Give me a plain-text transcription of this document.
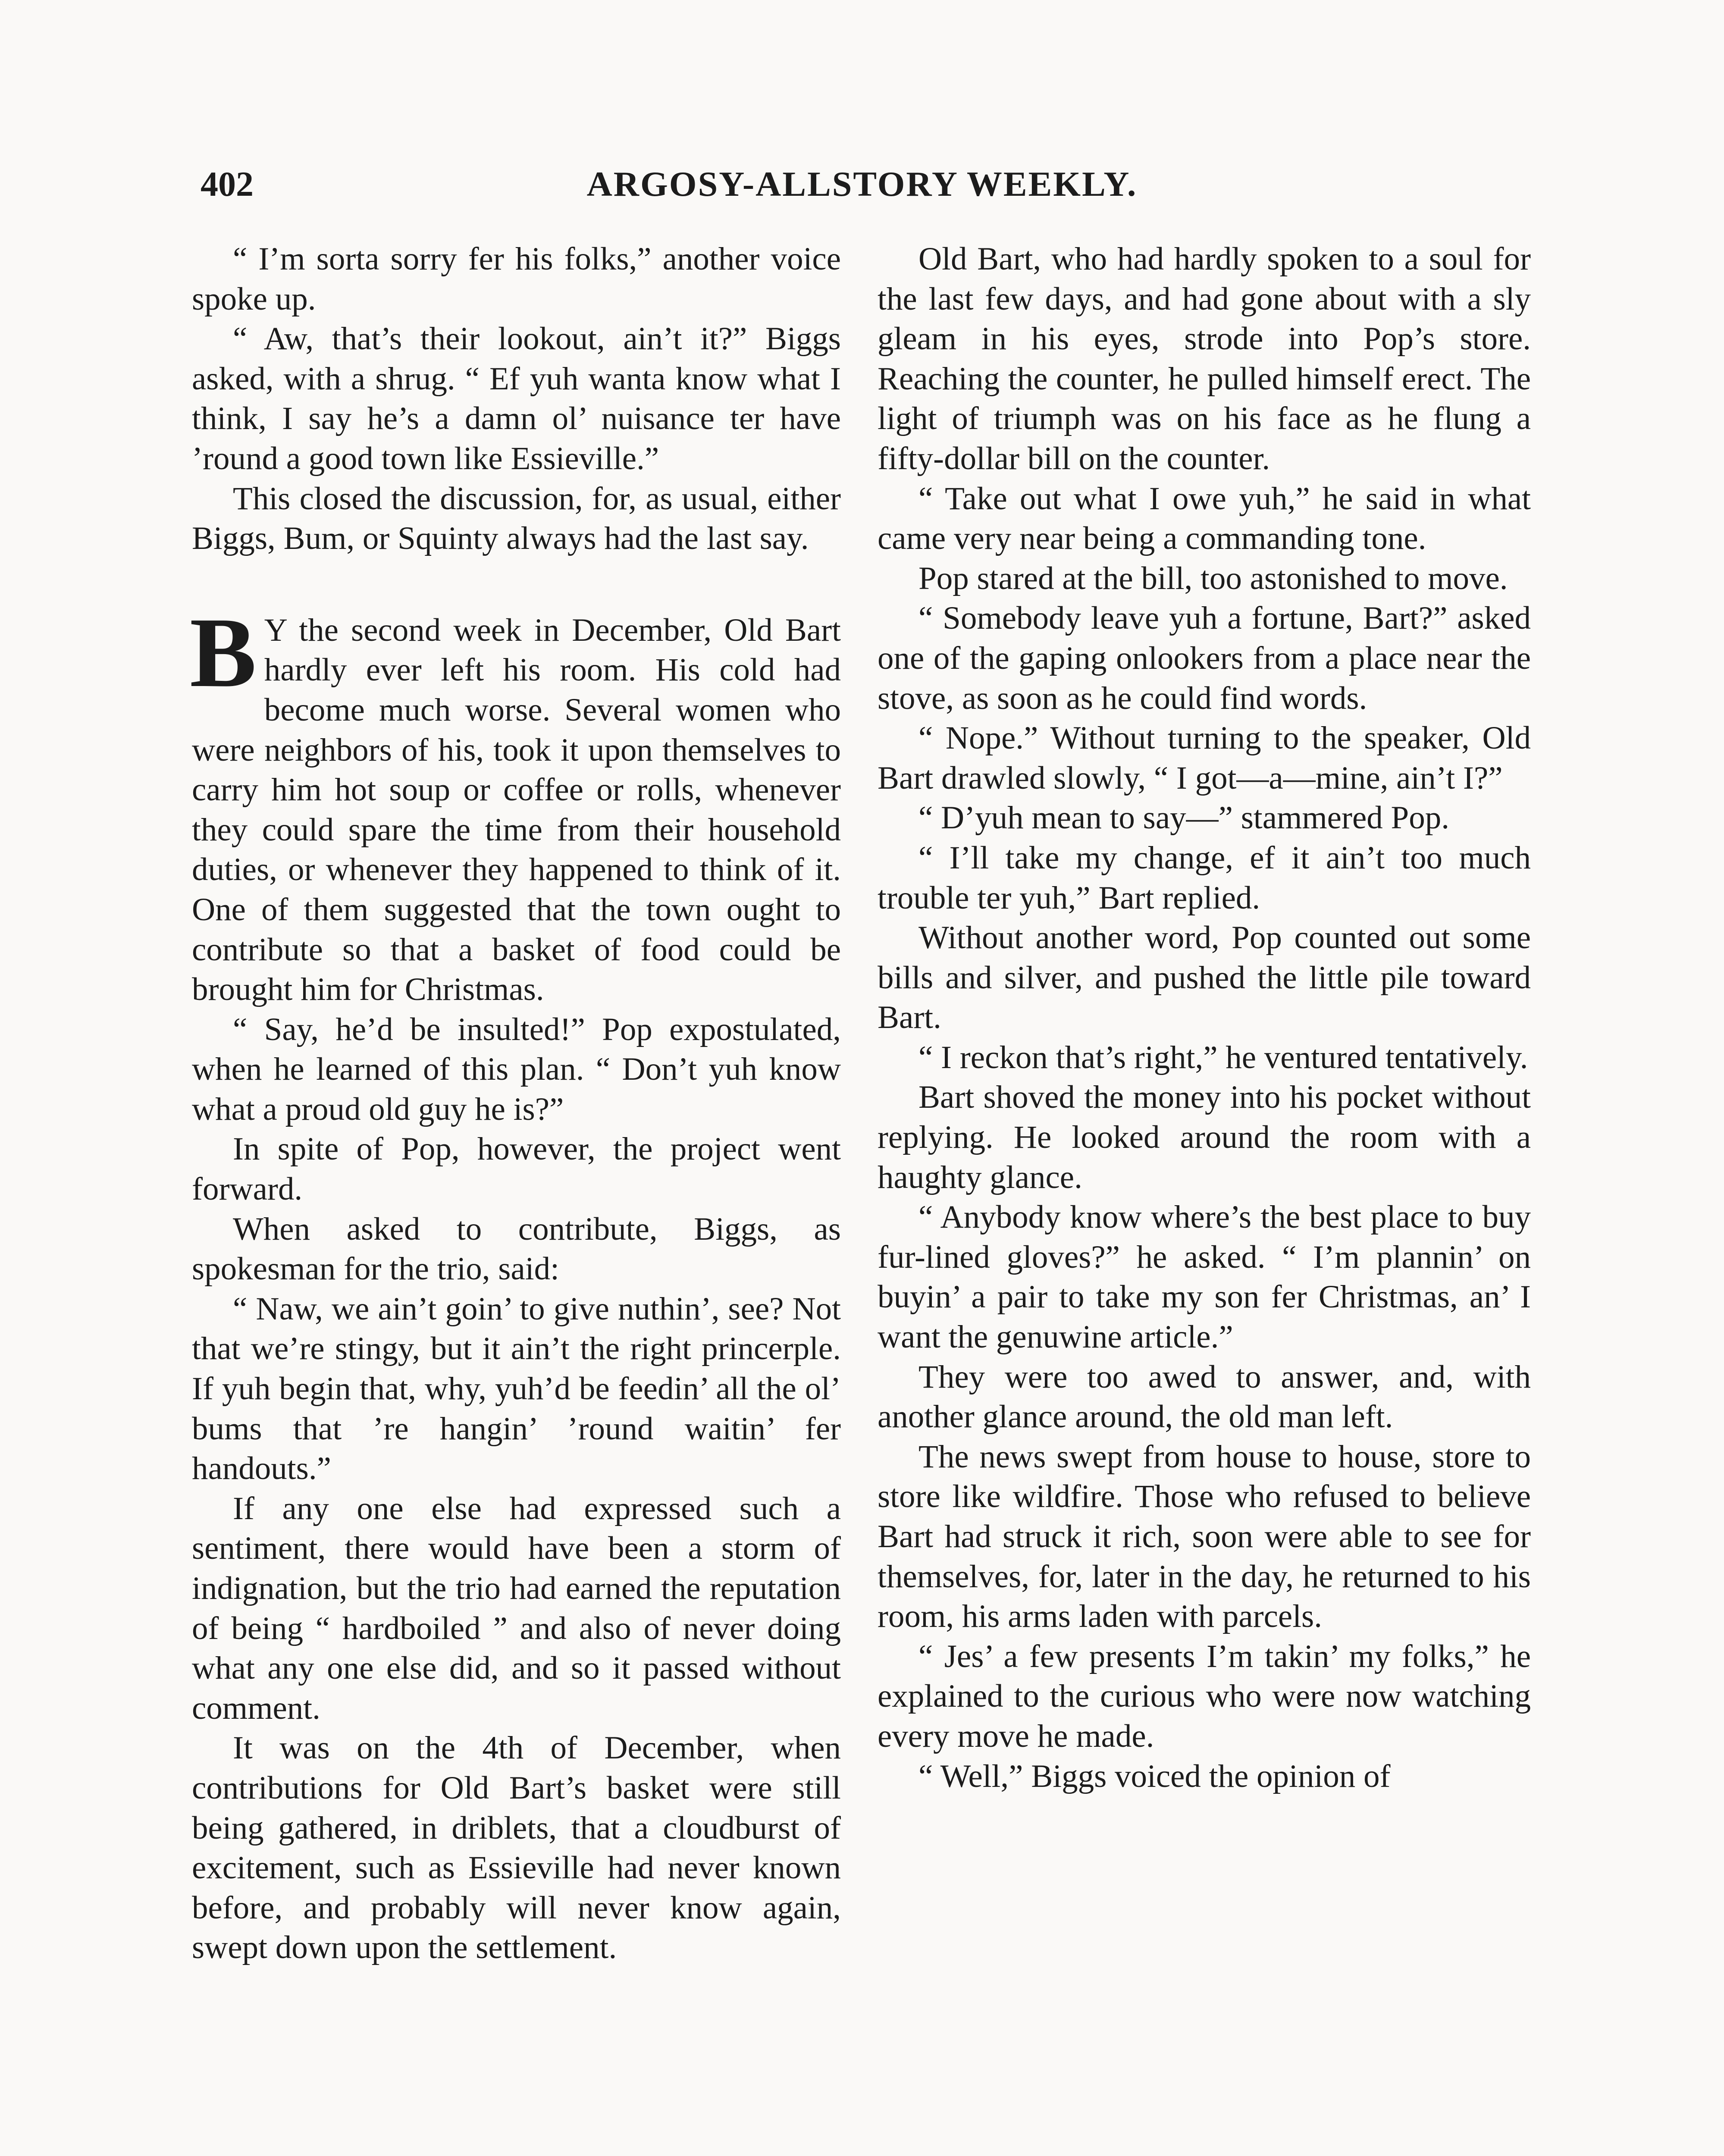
ARGOSY-ALLSTORY WEEKLY.
402

“ I’m sorta sorry fer his folks,” another voice spoke up.

“ Aw, that’s their lookout, ain’t it?” Biggs asked, with a shrug. “ Ef yuh wanta know what I think, I say he’s a damn ol’ nuisance ter have ’round a good town like Essieville.”

This closed the discussion, for, as usual, either Biggs, Bum, or Squinty always had the last say.

B Y the second week in December, Old Bart hardly ever left his room. His cold had become much worse. Several women who were neighbors of his, took it upon themselves to carry him hot soup or coffee or rolls, whenever they could spare the time from their household duties, or whenever they happened to think of it. One of them suggested that the town ought to contribute so that a basket of food could be brought him for Christmas.

“ Say, he’d be insulted!” Pop expostulated, when he learned of this plan. “ Don’t yuh know what a proud old guy he is?”

In spite of Pop, however, the project went forward.

When asked to contribute, Biggs, as spokesman for the trio, said:

“ Naw, we ain’t goin’ to give nuthin’, see? Not that we’re stingy, but it ain’t the right princerple. If yuh begin that, why, yuh’d be feedin’ all the ol’ bums that ’re hangin’ ’round waitin’ fer handouts.”

If any one else had expressed such a sentiment, there would have been a storm of indignation, but the trio had earned the reputation of being “ hardboiled ” and also of never doing what any one else did, and so it passed without comment.

It was on the 4th of December, when contributions for Old Bart’s basket were still being gathered, in driblets, that a cloudburst of excitement, such as Essieville had never known before, and probably will never know again, swept down upon the settlement.

Old Bart, who had hardly spoken to a soul for the last few days, and had gone about with a sly gleam in his eyes, strode into Pop’s store. Reaching the counter, he pulled himself erect. The light of triumph was on his face as he flung a fifty-dollar bill on the counter.

“ Take out what I owe yuh,” he said in what came very near being a commanding tone.

Pop stared at the bill, too astonished to move.

“ Somebody leave yuh a fortune, Bart?” asked one of the gaping onlookers from a place near the stove, as soon as he could find words.

“ Nope.” Without turning to the speaker, Old Bart drawled slowly, “ I got—a—mine, ain’t I?”

“ D’yuh mean to say—” stammered Pop.

“ I’ll take my change, ef it ain’t too much trouble ter yuh,” Bart replied.

Without another word, Pop counted out some bills and silver, and pushed the little pile toward Bart.

“ I reckon that’s right,” he ventured tentatively.

Bart shoved the money into his pocket without replying. He looked around the room with a haughty glance.

“ Anybody know where’s the best place to buy fur-lined gloves?” he asked. “ I’m plannin’ on buyin’ a pair to take my son fer Christmas, an’ I want the genuwine article.”

They were too awed to answer, and, with another glance around, the old man left.

The news swept from house to house, store to store like wildfire. Those who refused to believe Bart had struck it rich, soon were able to see for themselves, for, later in the day, he returned to his room, his arms laden with parcels.

“ Jes’ a few presents I’m takin’ my folks,” he explained to the curious who were now watching every move he made.

“ Well,” Biggs voiced the opinion of
